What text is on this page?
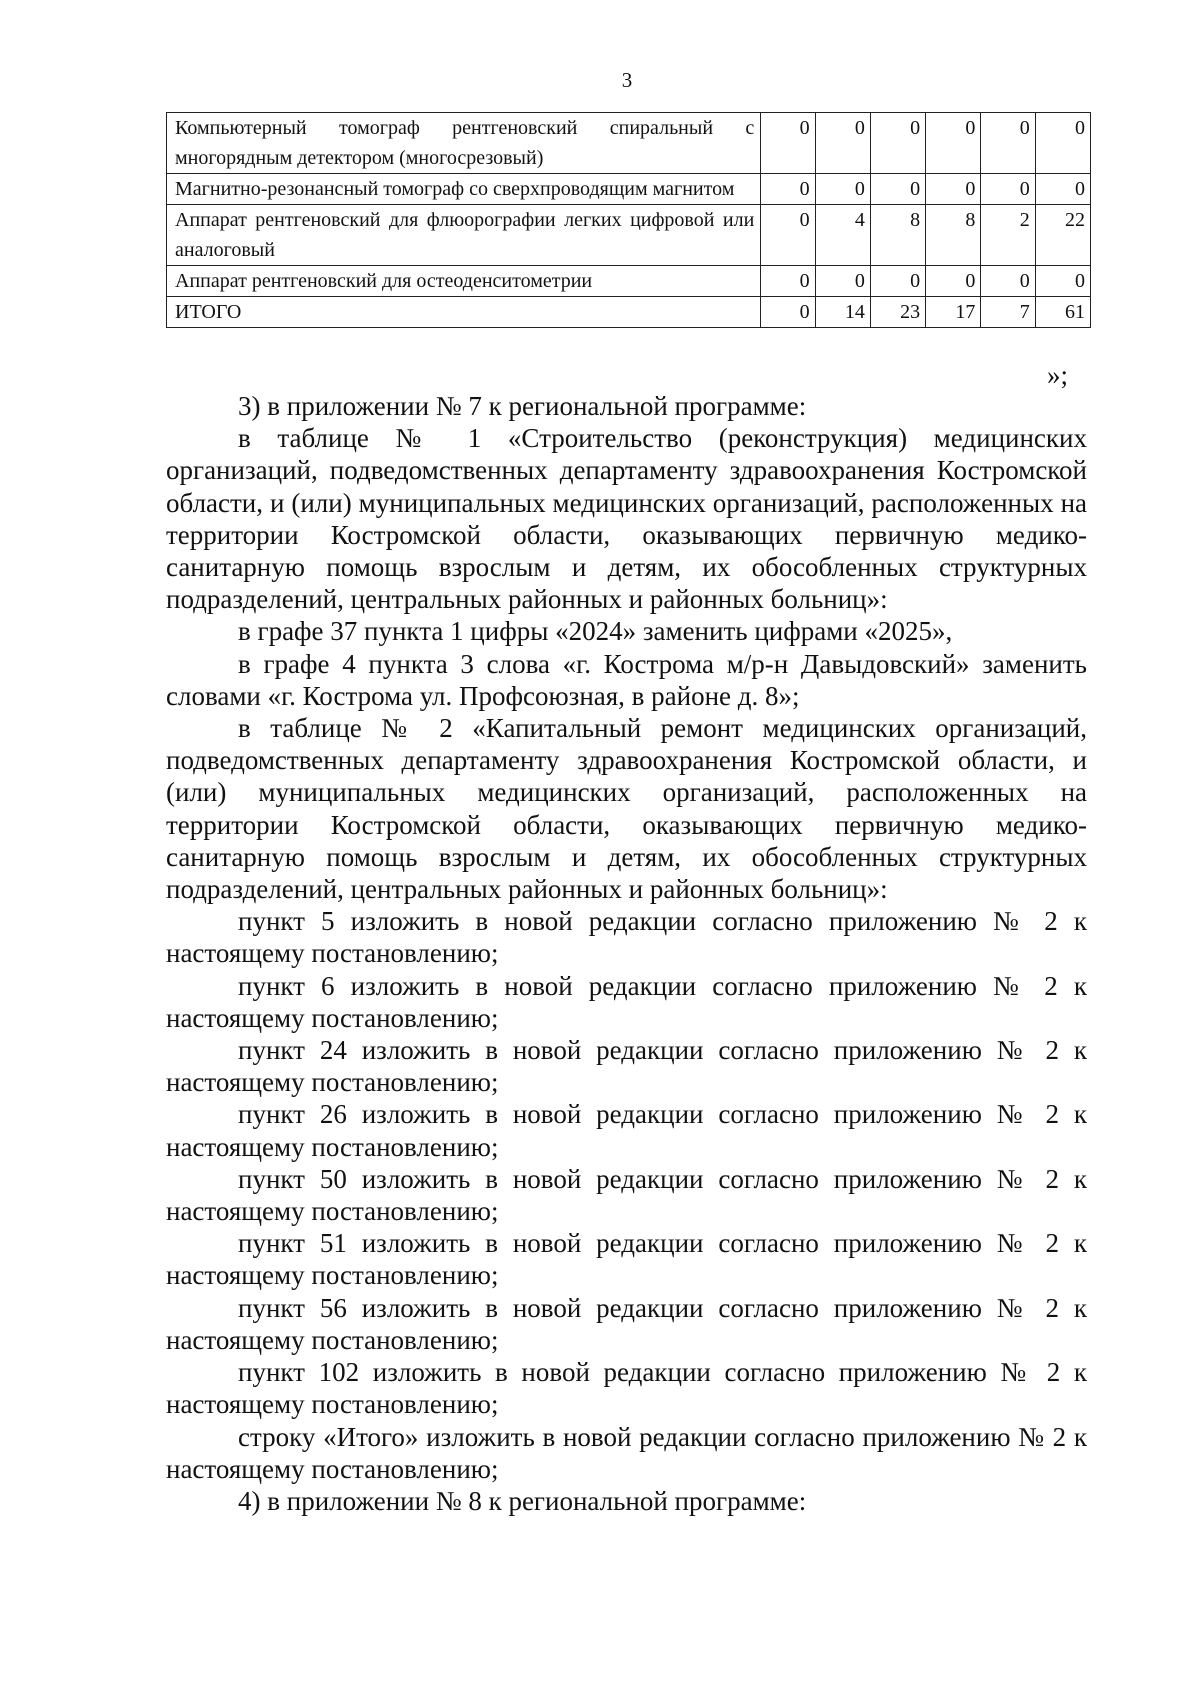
3
Компьютерный томограф рентгеновский спиральный с многорядным детектором (многосрезовый)	0	0	0	0	0	0
Магнитно-резонансный томограф со сверхпроводящим магнитом	0	0	0	0	0	0
Аппарат рентгеновский для флюорографии легких цифровой или аналоговый	0	4	8	8	2	22
Аппарат рентгеновский для остеоденситометрии	0	0	0	0	0	0
ИТОГО	0	14	23	17	7	61
»;

3) в приложении № 7 к региональной программе:

в таблице № 1 «Строительство (реконструкция) медицинских организаций, подведомственных департаменту здравоохранения Костромской области, и (или) муниципальных медицинских организаций, расположенных на территории Костромской области, оказывающих первичную медико-санитарную помощь взрослым и детям, их обособленных структурных подразделений, центральных районных и районных больниц»:

в графе 37 пункта 1 цифры «2024» заменить цифрами «2025»,

в графе 4 пункта 3 слова «г. Кострома м/р-н Давыдовский» заменить словами «г. Кострома ул. Профсоюзная, в районе д. 8»;

в таблице № 2 «Капитальный ремонт медицинских организаций, подведомственных департаменту здравоохранения Костромской области, и (или) муниципальных медицинских организаций, расположенных на территории Костромской области, оказывающих первичную медико-санитарную помощь взрослым и детям, их обособленных структурных подразделений, центральных районных и районных больниц»:

пункт 5 изложить в новой редакции согласно приложению № 2 к настоящему постановлению;

пункт 6 изложить в новой редакции согласно приложению № 2 к настоящему постановлению;

пункт 24 изложить в новой редакции согласно приложению № 2 к настоящему постановлению;

пункт 26 изложить в новой редакции согласно приложению № 2 к настоящему постановлению;

пункт 50 изложить в новой редакции согласно приложению № 2 к настоящему постановлению;

пункт 51 изложить в новой редакции согласно приложению № 2 к настоящему постановлению;

пункт 56 изложить в новой редакции согласно приложению № 2 к настоящему постановлению;

пункт 102 изложить в новой редакции согласно приложению № 2 к настоящему постановлению;

строку «Итого» изложить в новой редакции согласно приложению № 2 к настоящему постановлению;

4) в приложении № 8 к региональной программе:
